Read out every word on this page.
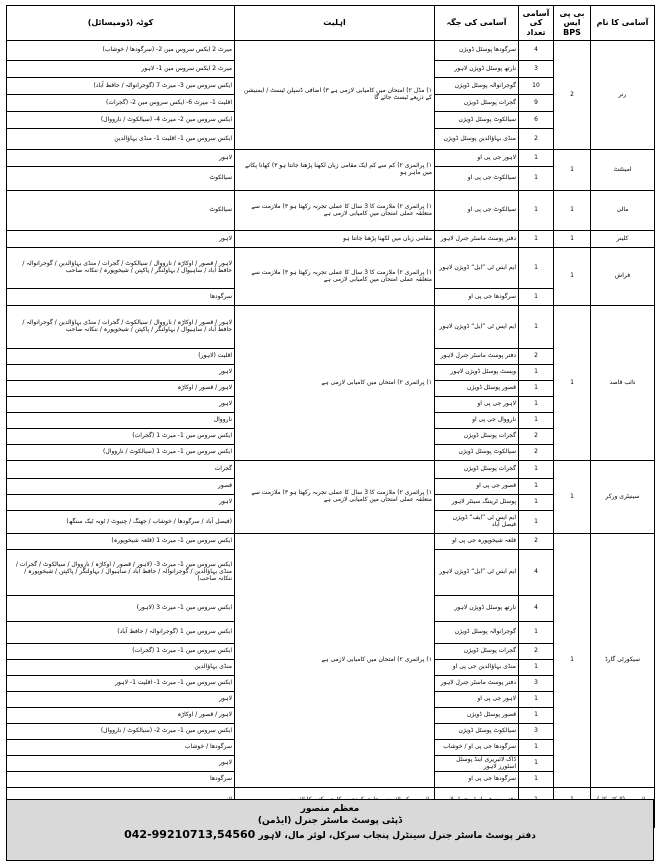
آسامی کا نام	بی پی ایس BPS	آسامی کی تعداد	آسامی کی جگہ	اہلیت	کوٹہ (ڈومیسائل)
رنر	2	4	سرگودھا پوسٹل ڈویژن	۱) مڈل ۲) امتحان میں کامیابی لازمی ہے ۳) اضافی ڈسپلن ٹیسٹ / ایمنیشن کے ذریعے ٹیسٹ جائے گا	میرٹ 2 ایکس سروس مین 2- (سرگودھا / خوشاب)
		3	نارتھ پوسٹل ڈویژن لاہور		میرٹ 2 ایکس سروس مین 1- لاہور
		10	گوجرانوالہ پوسٹل ڈویژن		ایکس سروس مین 3- میرٹ 7 (گوجرانوالہ / حافظ آباد)
		9	گجرات پوسٹل ڈویژن		اقلیت 1- میرٹ 6- ایکس سروس مین 2- (گجرات)
		6	سیالکوٹ پوسٹل ڈویژن		ایکس سروس مین 2- میرٹ 4- (سیالکوٹ / نارووال)
		2	منڈی بہاؤالدین پوسٹل ڈویژن		ایکس سروس مین 1- اقلیت 1- منڈی بہاؤالدین
امینٹنٹ	1	1	لاہور جی پی او	۱) پرائمری ۲) کم سے کم ایک مقامی زبان لکھنا پڑھنا جانتا ہو ۳) کھانا پکانے میں ماہر ہو	لاہور
		1	سیالکوٹ جی پی او		سیالکوٹ
مالی	1	1	سیالکوٹ جی پی او	۱) پرائمری ۲) ملازمت کا 3 سال کا عملی تجربہ رکھتا ہو ۳) ملازمت سے متعلقہ عملی امتحان میں کامیابی لازمی ہے	سیالکوٹ
کلینر	1	1	دفتر پوسٹ ماسٹر جنرل لاہور	مقامی زبان میں لکھنا پڑھنا جانتا ہو	لاہور
فراش	1	1	ایم ایس ٹی ”ایل“ ڈویژن لاہور	۱) پرائمری ۲) ملازمت کا 3 سال کا عملی تجربہ رکھتا ہو ۳) ملازمت سے متعلقہ عملی امتحان میں کامیابی لازمی ہے	لاہور / قصور / اوکاڑہ / نارووال / سیالکوٹ / گجرات / منڈی بہاؤالدین / گوجرانوالہ / حافظ آباد / ساہیوال / بہاولنگر / پاکپتن / شیخوپورہ / ننکانہ صاحب
		1	سرگودھا جی پی او		سرگودھا
نائب قاصد	1	1	ایم ایس ٹی ”ایل“ ڈویژن لاہور	۱) پرائمری ۲) امتحان میں کامیابی لازمی ہے	لاہور / قصور / اوکاڑہ / نارووال / سیالکوٹ / گجرات / منڈی بہاؤالدین / گوجرانوالہ / حافظ آباد / ساہیوال / بہاولنگر / پاکپتن / شیخوپورہ / ننکانہ صاحب
		2	دفتر پوسٹ ماسٹر جنرل لاہور		اقلیت (لاہور)
		1	ویسٹ پوسٹل ڈویژن لاہور		لاہور
		1	قصور پوسٹل ڈویژن		لاہور / قصور / اوکاڑہ
		1	لاہور جی پی او		لاہور
		1	نارووال جی پی او		نارووال
		2	گجرات پوسٹل ڈویژن		ایکس سروس مین 1- میرٹ 1 (گجرات)
		2	سیالکوٹ پوسٹل ڈویژن		ایکس سروس مین 1- میرٹ 1 (سیالکوٹ / نارووال)
سینیٹری ورکر	1	1	گجرات پوسٹل ڈویژن	۱) پرائمری ۲) ملازمت کا 3 سال کا عملی تجربہ رکھتا ہو ۳) ملازمت سے متعلقہ عملی امتحان میں کامیابی لازمی ہے	گجرات
		1	قصور جی پی او		قصور
		1	پوسٹل ٹریننگ سینٹر لاہور		لاہور
		1	ایم ایس ٹی ”ایف“ ڈویژن فیصل آباد		(فیصل آباد / سرگودھا / خوشاب / جھنگ / چنیوٹ / ٹوبہ ٹیک سنگھ)
سیکورٹی گارڈ	1	2	قلعہ شیخوپورہ جی پی او	۱) پرائمری ۲) امتحان میں کامیابی لازمی ہے	ایکس سروس مین 1- میرٹ 1 (قلعہ شیخوپورہ)
		4	ایم ایس ٹی ”ایل“ ڈویژن لاہور		ایکس سروس مین 1- میرٹ 3- (لاہور / قصور / اوکاڑہ / نارووال / سیالکوٹ / گجرات / منڈی بہاؤالدین / گوجرانوالہ / حافظ آباد / ساہیوال / بہاولنگر / پاکپتن / شیخوپورہ / ننکانہ صاحب)
		4	نارتھ پوسٹل ڈویژن لاہور		ایکس سروس مین 1- میرٹ 3 (لاہور)
		1	گوجرانوالہ پوسٹل ڈویژن		ایکس سروس مین 1 (گوجرانوالہ / حافظ آباد)
		2	گجرات پوسٹل ڈویژن		ایکس سروس مین 1- میرٹ 1 (گجرات)
		1	منڈی بہاؤالدین جی پی او		منڈی بہاؤالدین
		3	دفتر پوسٹ ماسٹر جنرل لاہور		ایکس سروس مین 1- میرٹ 1- اقلیت 1- لاہور
		1	لاہور جی پی او		لاہور
		1	قصور پوسٹل ڈویژن		لاہور / قصور / اوکاڑہ
		3	سیالکوٹ پوسٹل ڈویژن		ایکس سروس مین 1- میرٹ 2- (سیالکوٹ / نارووال)
		1	سرگودھا جی پی او / خوشاب		سرگودھا / خوشاب
		1	ڈاک لائبریری اینڈ پوسٹل اسٹورز لاہور		لاہور
		1	سرگودھا جی پی او		سرگودھا

معظم منصور
ڈپٹی پوسٹ ماسٹر جنرل (ایڈمن)
دفتر پوسٹ ماسٹر جنرل سینٹرل پنجاب سرکل، لوئر مال، لاہور 042-99210713,54560
